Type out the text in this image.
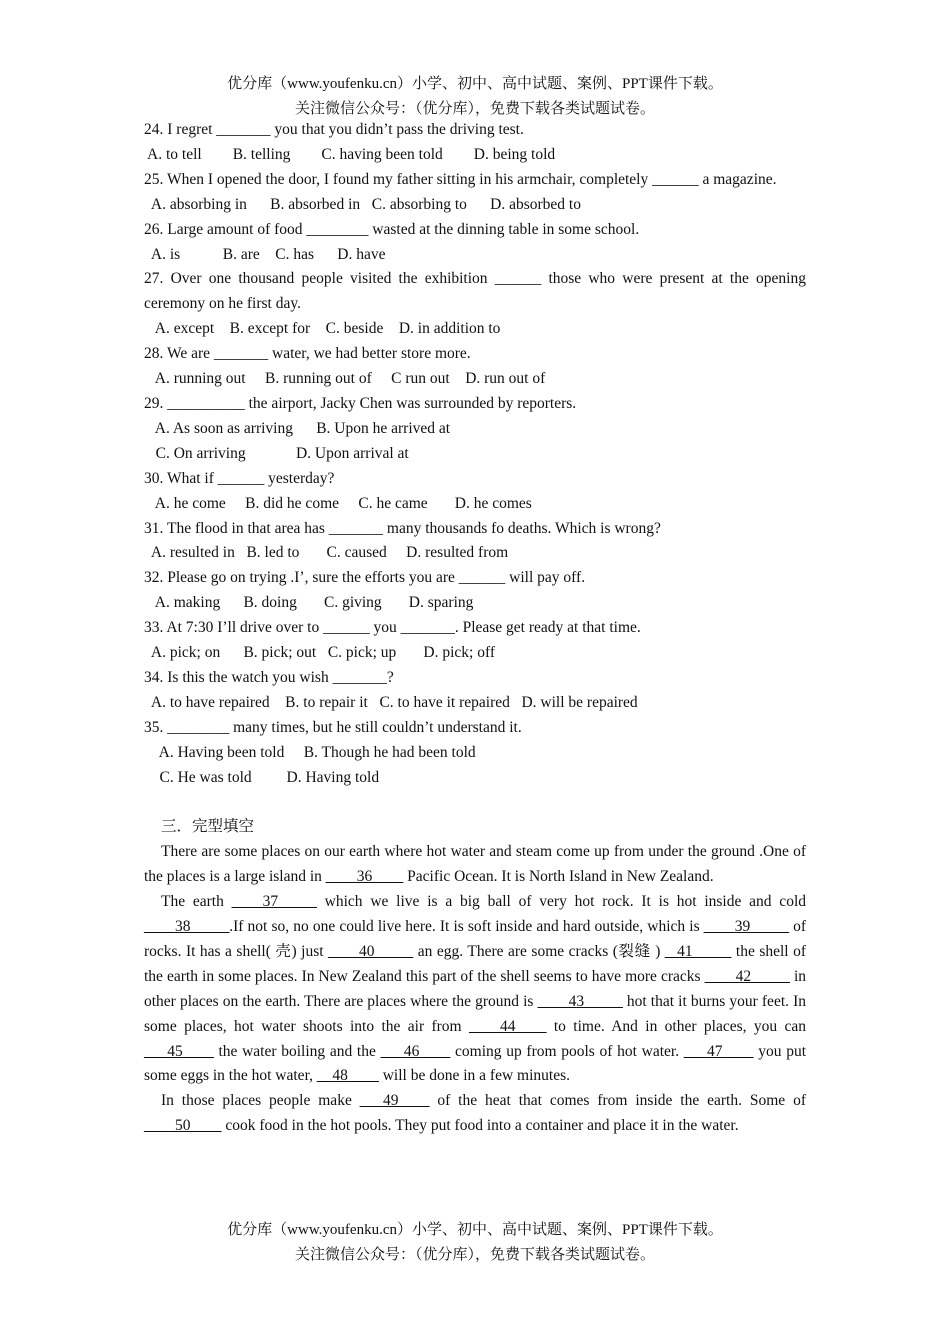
优分库（www.youfenku.cn）小学、初中、高中试题、案例、PPT课件下载。
关注微信公众号：（优分库），免费下载各类试题试卷。
24. I regret _______ you that you didn’t pass the driving test.
A. to tell        B. telling        C. having been told        D. being told
25. When I opened the door, I found my father sitting in his armchair, completely ______ a magazine.
A. absorbing in      B. absorbed in   C. absorbing to      D. absorbed to
26. Large amount of food ________ wasted at the dinning table in some school.
A. is           B. are    C. has      D. have
27. Over one thousand people visited the exhibition ______ those who were present at the opening ceremony on he first day.
A. except    B. except for    C. beside    D. in addition to
28. We are _______ water, we had better store more.
A. running out     B. running out of     C run out    D. run out of
29. __________ the airport, Jacky Chen was surrounded by reporters.
A. As soon as arriving      B. Upon he arrived at
C. On arriving             D. Upon arrival at
30. What if ______ yesterday?
A. he come     B. did he come     C. he came       D. he comes
31. The flood in that area has _______ many thousands fo deaths. Which is wrong?
A. resulted in   B. led to       C. caused     D. resulted from
32. Please go on trying .I’, sure the efforts you are ______ will pay off.
A. making      B. doing       C. giving       D. sparing
33. At 7:30 I’ll drive over to ______ you _______. Please get ready at that time.
A. pick; on      B. pick; out   C. pick; up       D. pick; off
34. Is this the watch you wish _______?
A. to have repaired    B. to repair it   C. to have it repaired   D. will be repaired
35. ________ many times, but he still couldn’t understand it.
A. Having been told     B. Though he had been told
C. He was told         D. Having told
三．完型填空
There are some places on our earth where hot water and steam come up from under the ground .One of the places is a large island in ____36____ Pacific Ocean. It is North Island in New Zealand.
The earth ____37_____ which we live is a big ball of very hot rock. It is hot inside and cold ____38_____.If not so, no one could live here. It is soft inside and hard outside, which is ____39_____ of rocks. It has a shell( 壳) just ____40_____ an egg. There are some cracks (裂缝 ) _ 41_____ the shell of the earth in some places. In New Zealand this part of the shell seems to have more cracks ____42_____ in other places on the earth. There are places where the ground is ____43_____ hot that it burns your feet. In some places, hot water shoots into the air from ____44____ to time. And in other places, you can ___45____ the water boiling and the ___46____ coming up from pools of hot water. ___47____ you put some eggs in the hot water, __48____ will be done in a few minutes.
In those places people make ___49____ of the heat that comes from inside the earth. Some of ____50____ cook food in the hot pools. They put food into a container and place it in the water.
优分库（www.youfenku.cn）小学、初中、高中试题、案例、PPT课件下载。
关注微信公众号：（优分库），免费下载各类试题试卷。
